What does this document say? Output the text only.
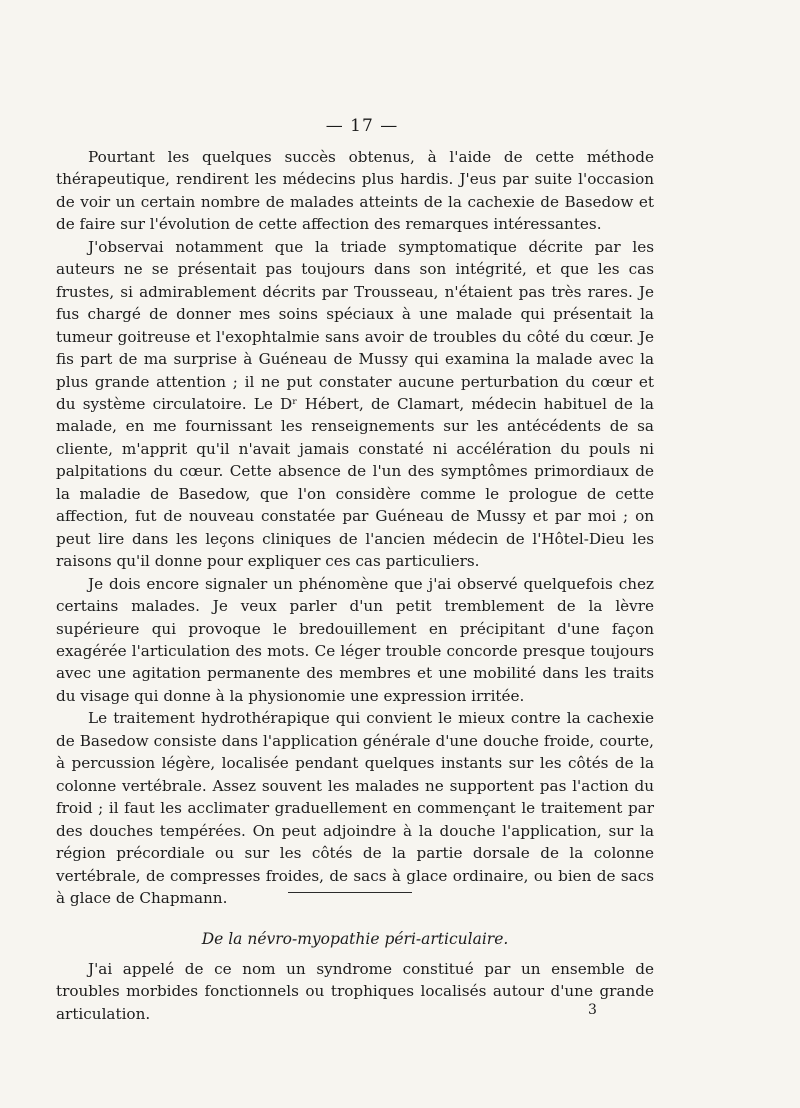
— 17 —

Pourtant les quelques succès obtenus, à l'aide de cette méthode thérapeutique, rendirent les médecins plus hardis. J'eus par suite l'occasion de voir un certain nombre de malades atteints de la cachexie de Basedow et de faire sur l'évolution de cette affection des remarques intéressantes.

J'observai notamment que la triade symptomatique décrite par les auteurs ne se présentait pas toujours dans son intégrité, et que les cas frustes, si admirablement décrits par Trousseau, n'étaient pas très rares. Je fus chargé de donner mes soins spéciaux à une malade qui présentait la tumeur goitreuse et l'exophtalmie sans avoir de troubles du côté du cœur. Je fis part de ma surprise à Guéneau de Mussy qui examina la malade avec la plus grande attention ; il ne put constater aucune perturbation du cœur et du système circulatoire. Le Dʳ Hébert, de Clamart, médecin habituel de la malade, en me fournissant les renseignements sur les antécédents de sa cliente, m'apprit qu'il n'avait jamais constaté ni accélération du pouls ni palpitations du cœur. Cette absence de l'un des symptômes primordiaux de la maladie de Basedow, que l'on considère comme le prologue de cette affection, fut de nouveau constatée par Guéneau de Mussy et par moi ; on peut lire dans les leçons cliniques de l'ancien médecin de l'Hôtel-Dieu les raisons qu'il donne pour expliquer ces cas particuliers.

Je dois encore signaler un phénomène que j'ai observé quelquefois chez certains malades. Je veux parler d'un petit tremblement de la lèvre supérieure qui provoque le bredouillement en précipitant d'une façon exagérée l'articulation des mots. Ce léger trouble concorde presque toujours avec une agitation permanente des membres et une mobilité dans les traits du visage qui donne à la physionomie une expression irritée.

Le traitement hydrothérapique qui convient le mieux contre la cachexie de Basedow consiste dans l'application générale d'une douche froide, courte, à percussion légère, localisée pendant quelques instants sur les côtés de la colonne vertébrale. Assez souvent les malades ne supportent pas l'action du froid ; il faut les acclimater graduellement en commençant le traitement par des douches tempérées. On peut adjoindre à la douche l'application, sur la région précordiale ou sur les côtés de la partie dorsale de la colonne vertébrale, de compresses froides, de sacs à glace ordinaire, ou bien de sacs à glace de Chapmann.

De la névro-myopathie péri-articulaire.

J'ai appelé de ce nom un syndrome constitué par un ensemble de troubles morbides fonctionnels ou trophiques localisés autour d'une grande articulation.	3
